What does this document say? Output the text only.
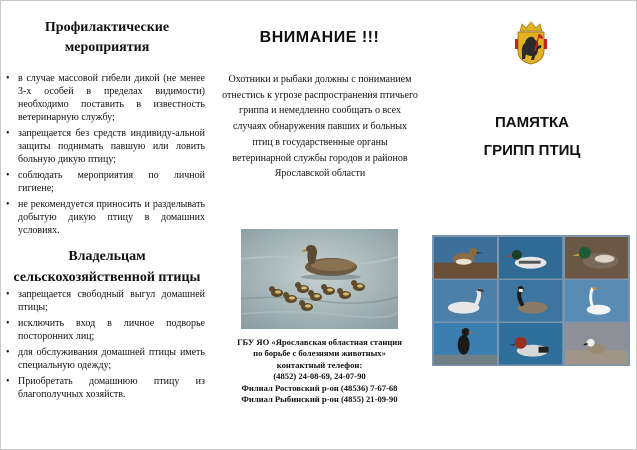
Профилактические мероприятия
• в случае массовой гибели дикой (не менее 3-х особей в пределах видимости) необходимо поставить в известность ветеринарную службу;
• запрещается без средств индивиду-альной защиты поднимать павшую или ловить больную дикую птицу;
• соблюдать мероприятия по личной гигиене;
• не рекомендуется приносить и разделывать добытую дикую птицу в домашних условиях.
Владельцам сельскохозяйственной птицы
• запрещается свободный выгул домашней птицы;
• исключить вход в личное подворье посторонних лиц;
• для обслуживания домашней птицы иметь специальную одежду;
• Приобретать домашнюю птицу из благополучных хозяйств.
ВНИМАНИЕ !!!
Охотники и рыбаки должны с пониманием отнестись к угрозе распространения птичьего гриппа и немедленно сообщать о всех случаях обнаружения павших и больных птиц в государственные органы ветеринарной службы городов и районов Ярославской области
ГБУ ЯО «Ярославская областная станция
по борьбе с болезнями животных»
контактный телефон:
(4852) 24-08-69, 24-07-90
Филиал Ростовский р-он (48536) 7-67-68
Филиал Рыбинский р-он (4855) 21-09-90
ПАМЯТКА
ГРИПП ПТИЦ
